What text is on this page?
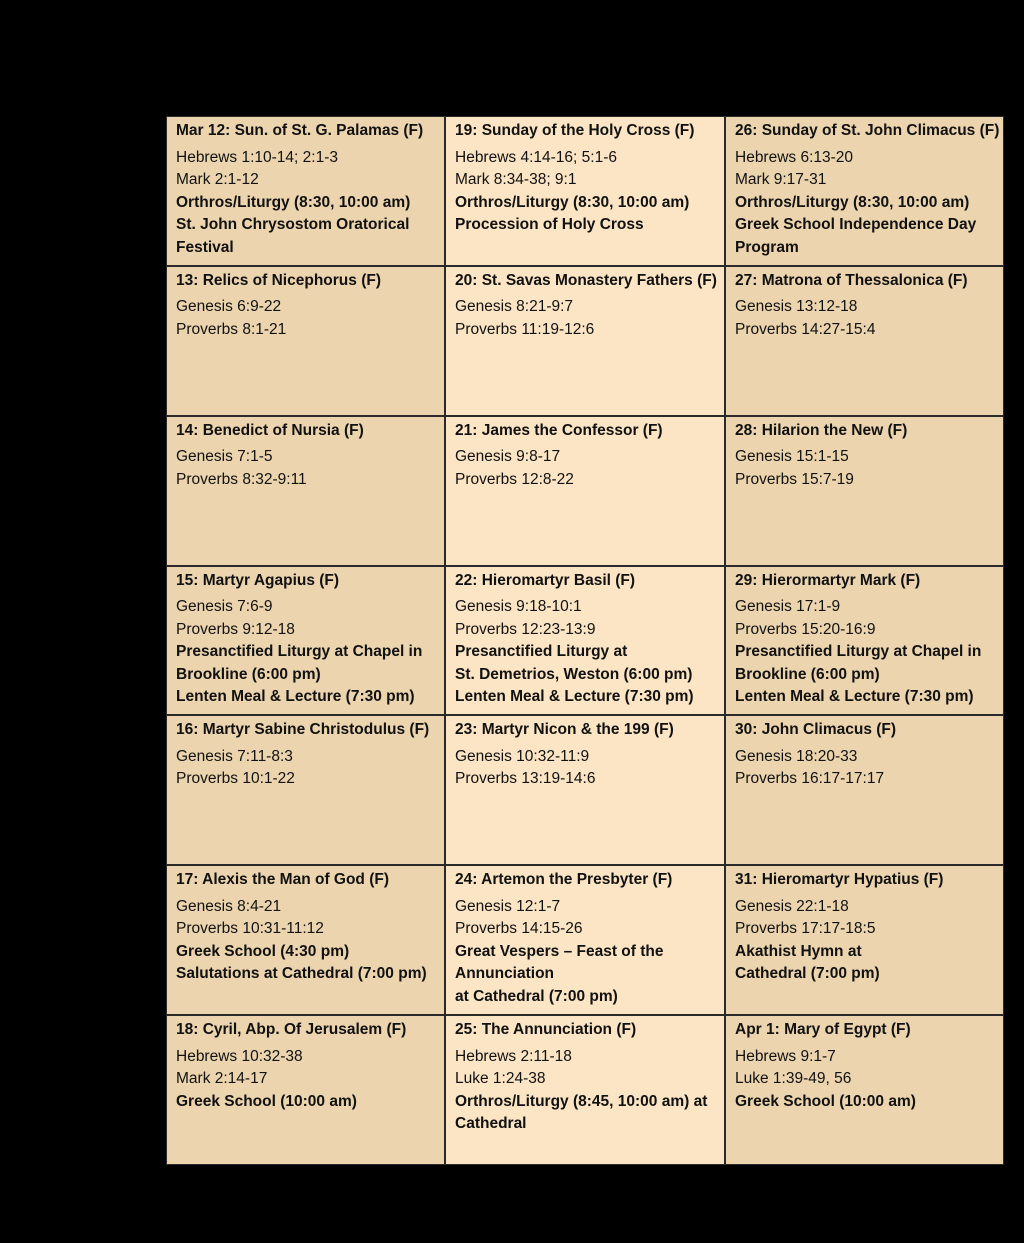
Mar 12: Sun. of St. G. Palamas (F)
Hebrews 1:10-14; 2:1-3
Mark 2:1-12
Orthros/Liturgy (8:30, 10:00 am)
St. John Chrysostom Oratorical Festival
19: Sunday of the Holy Cross (F)
Hebrews 4:14-16; 5:1-6
Mark 8:34-38; 9:1
Orthros/Liturgy (8:30, 10:00 am)
Procession of Holy Cross
26: Sunday of St. John Climacus (F)
Hebrews 6:13-20
Mark 9:17-31
Orthros/Liturgy (8:30, 10:00 am)
Greek School Independence Day Program
13: Relics of Nicephorus (F)
Genesis 6:9-22
Proverbs 8:1-21
20: St. Savas Monastery Fathers (F)
Genesis 8:21-9:7
Proverbs 11:19-12:6
27: Matrona of Thessalonica (F)
Genesis 13:12-18
Proverbs 14:27-15:4
14: Benedict of Nursia (F)
Genesis 7:1-5
Proverbs 8:32-9:11
21: James the Confessor (F)
Genesis 9:8-17
Proverbs 12:8-22
28: Hilarion the New (F)
Genesis 15:1-15
Proverbs 15:7-19
15: Martyr Agapius (F)
Genesis 7:6-9
Proverbs 9:12-18
Presanctified Liturgy at Chapel in Brookline (6:00 pm)
Lenten Meal & Lecture (7:30 pm)
22: Hieromartyr Basil (F)
Genesis 9:18-10:1
Proverbs 12:23-13:9
Presanctified Liturgy at
St. Demetrios, Weston (6:00 pm)
Lenten Meal & Lecture (7:30 pm)
29: Hierormartyr Mark (F)
Genesis 17:1-9
Proverbs 15:20-16:9
Presanctified Liturgy at Chapel in Brookline (6:00 pm)
Lenten Meal & Lecture (7:30 pm)
16: Martyr Sabine Christodulus (F)
Genesis 7:11-8:3
Proverbs 10:1-22
23: Martyr Nicon & the 199 (F)
Genesis 10:32-11:9
Proverbs 13:19-14:6
30: John Climacus (F)
Genesis 18:20-33
Proverbs 16:17-17:17
17: Alexis the Man of God (F)
Genesis 8:4-21
Proverbs 10:31-11:12
Greek School (4:30 pm)
Salutations at Cathedral (7:00 pm)
24: Artemon the Presbyter (F)
Genesis 12:1-7
Proverbs 14:15-26
Great Vespers – Feast of the Annunciation
at Cathedral (7:00 pm)
31: Hieromartyr Hypatius (F)
Genesis 22:1-18
Proverbs 17:17-18:5
Akathist Hymn at
Cathedral (7:00 pm)
18: Cyril, Abp. Of Jerusalem (F)
Hebrews 10:32-38
Mark 2:14-17
Greek School (10:00 am)
25: The Annunciation (F)
Hebrews 2:11-18
Luke 1:24-38
Orthros/Liturgy (8:45, 10:00 am) at Cathedral
Apr 1: Mary of Egypt (F)
Hebrews 9:1-7
Luke 1:39-49, 56
Greek School (10:00 am)
